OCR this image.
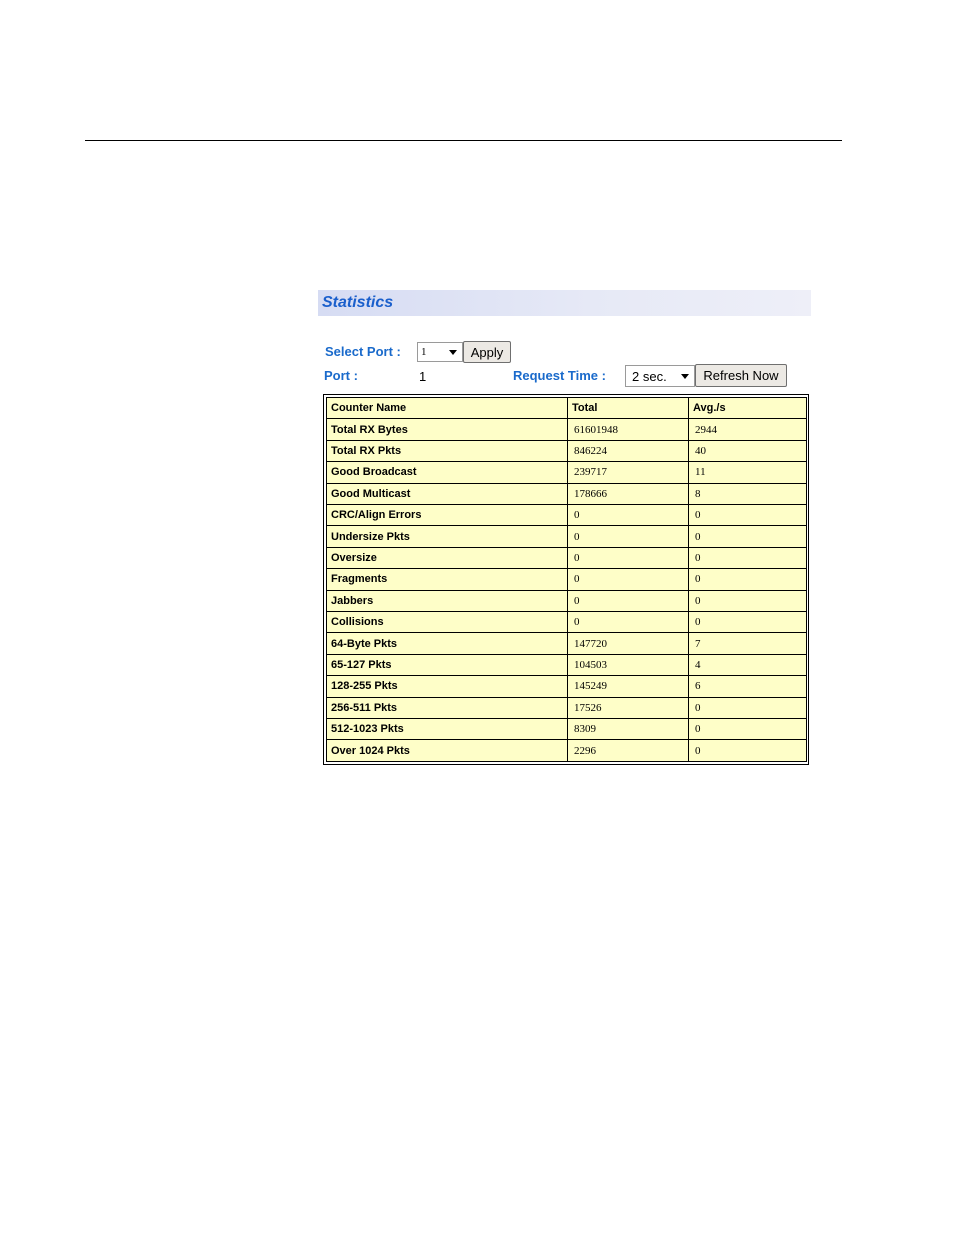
Statistics
Select Port : 1	Apply
Port :	1	Request Time : 2 sec.	Refresh Now
Counter Name	Total	Avg./s
Total RX Bytes	61601948	2944
Total RX Pkts	846224	40
Good Broadcast	239717	11
Good Multicast	178666	8
CRC/Align Errors	0	0
Undersize Pkts	0	0
Oversize	0	0
Fragments	0	0
Jabbers	0	0
Collisions	0	0
64-Byte Pkts	147720	7
65-127 Pkts	104503	4
128-255 Pkts	145249	6
256-511 Pkts	17526	0
512-1023 Pkts	8309	0
Over 1024 Pkts	2296	0
